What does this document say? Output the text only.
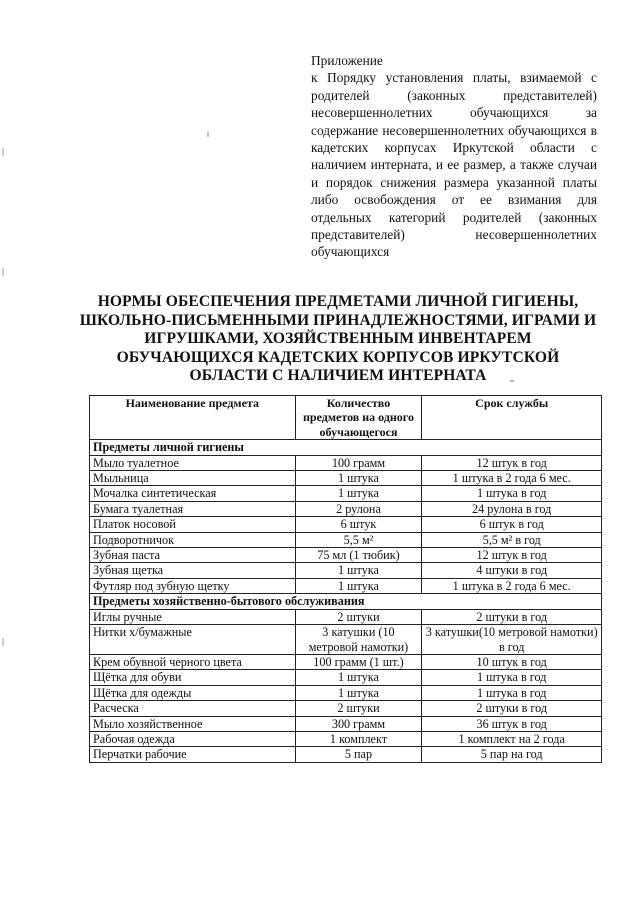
Приложение
к Порядку установления платы, взимаемой с родителей (законных представителей) несовершеннолетних обучающихся за содержание несовершеннолетних обучающихся в кадетских корпусах Иркутской области с наличием интерната, и ее размер, а также случаи и порядок снижения размера указанной платы либо освобождения от ее взимания для отдельных категорий родителей (законных представителей) несовершеннолетних обучающихся
НОРМЫ ОБЕСПЕЧЕНИЯ ПРЕДМЕТАМИ ЛИЧНОЙ ГИГИЕНЫ,
ШКОЛЬНО-ПИСЬМЕННЫМИ ПРИНАДЛЕЖНОСТЯМИ, ИГРАМИ И
ИГРУШКАМИ, ХОЗЯЙСТВЕННЫМ ИНВЕНТАРЕМ
ОБУЧАЮЩИХСЯ КАДЕТСКИХ КОРПУСОВ ИРКУТСКОЙ
ОБЛАСТИ С НАЛИЧИЕМ ИНТЕРНАТА
Наименование предмета	Количество предметов на одного обучающегося	Срок службы
Предметы личной гигиены		
Мыло туалетное	100 грамм	12 штук в год
Мыльница	1 штука	1 штука в 2 года 6 мес.
Мочалка синтетическая	1 штука	1 штука в год
Бумага туалетная	2 рулона	24 рулона в год
Платок носовой	6 штук	6 штук в год
Подворотничок	5,5 м²	5,5 м² в год
Зубная паста	75 мл (1 тюбик)	12 штук в год
Зубная щетка	1 штука	4 штуки в год
Футляр под зубную щетку	1 штука	1 штука в 2 года 6 мес.
Предметы хозяйственно-бытового обслуживания		
Иглы ручные	2 штуки	2 штуки в год
Нитки х/бумажные	3 катушки (10 метровой намотки)	3 катушки(10 метровой намотки) в год
Крем обувной черного цвета	100 грамм (1 шт.)	10 штук в год
Щётка для обуви	1 штука	1 штука в год
Щётка для одежды	1 штука	1 штука в год
Расческа	2 штуки	2 штуки в год
Мыло хозяйственное	300 грамм	36 штук в год
Рабочая одежда	1 комплект	1 комплект на 2 года
Перчатки рабочие	5 пар	5 пар на год
